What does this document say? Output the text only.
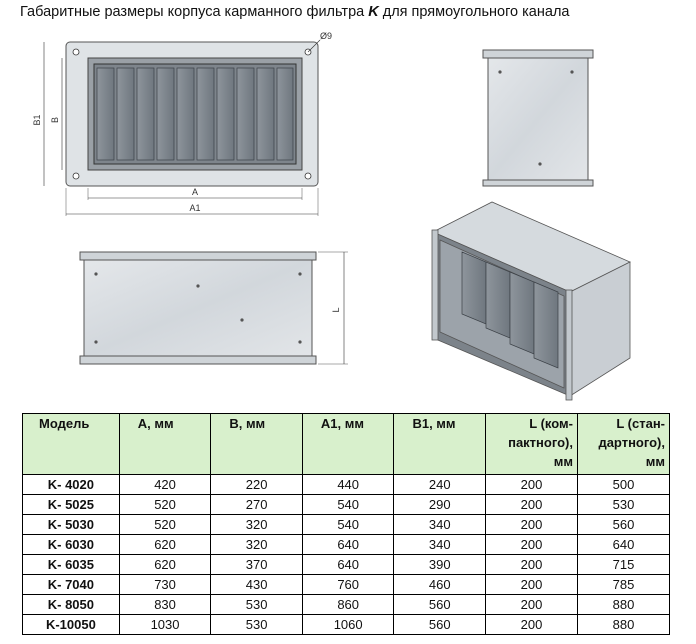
Габаритные размеры корпуса карманного фильтра K для прямоугольного канала
Ø9
A
A1
B1 B
L
Модель	A, мм	B, мм	A1, мм	B1, мм	L (ком-
пактного),
мм	L (стан-
дартного),
мм
K- 4020	420	220	440	240	200	500
K- 5025	520	270	540	290	200	530
K- 5030	520	320	540	340	200	560
K- 6030	620	320	640	340	200	640
K- 6035	620	370	640	390	200	715
K- 7040	730	430	760	460	200	785
K- 8050	830	530	860	560	200	880
K-10050	1030	530	1060	560	200	880
